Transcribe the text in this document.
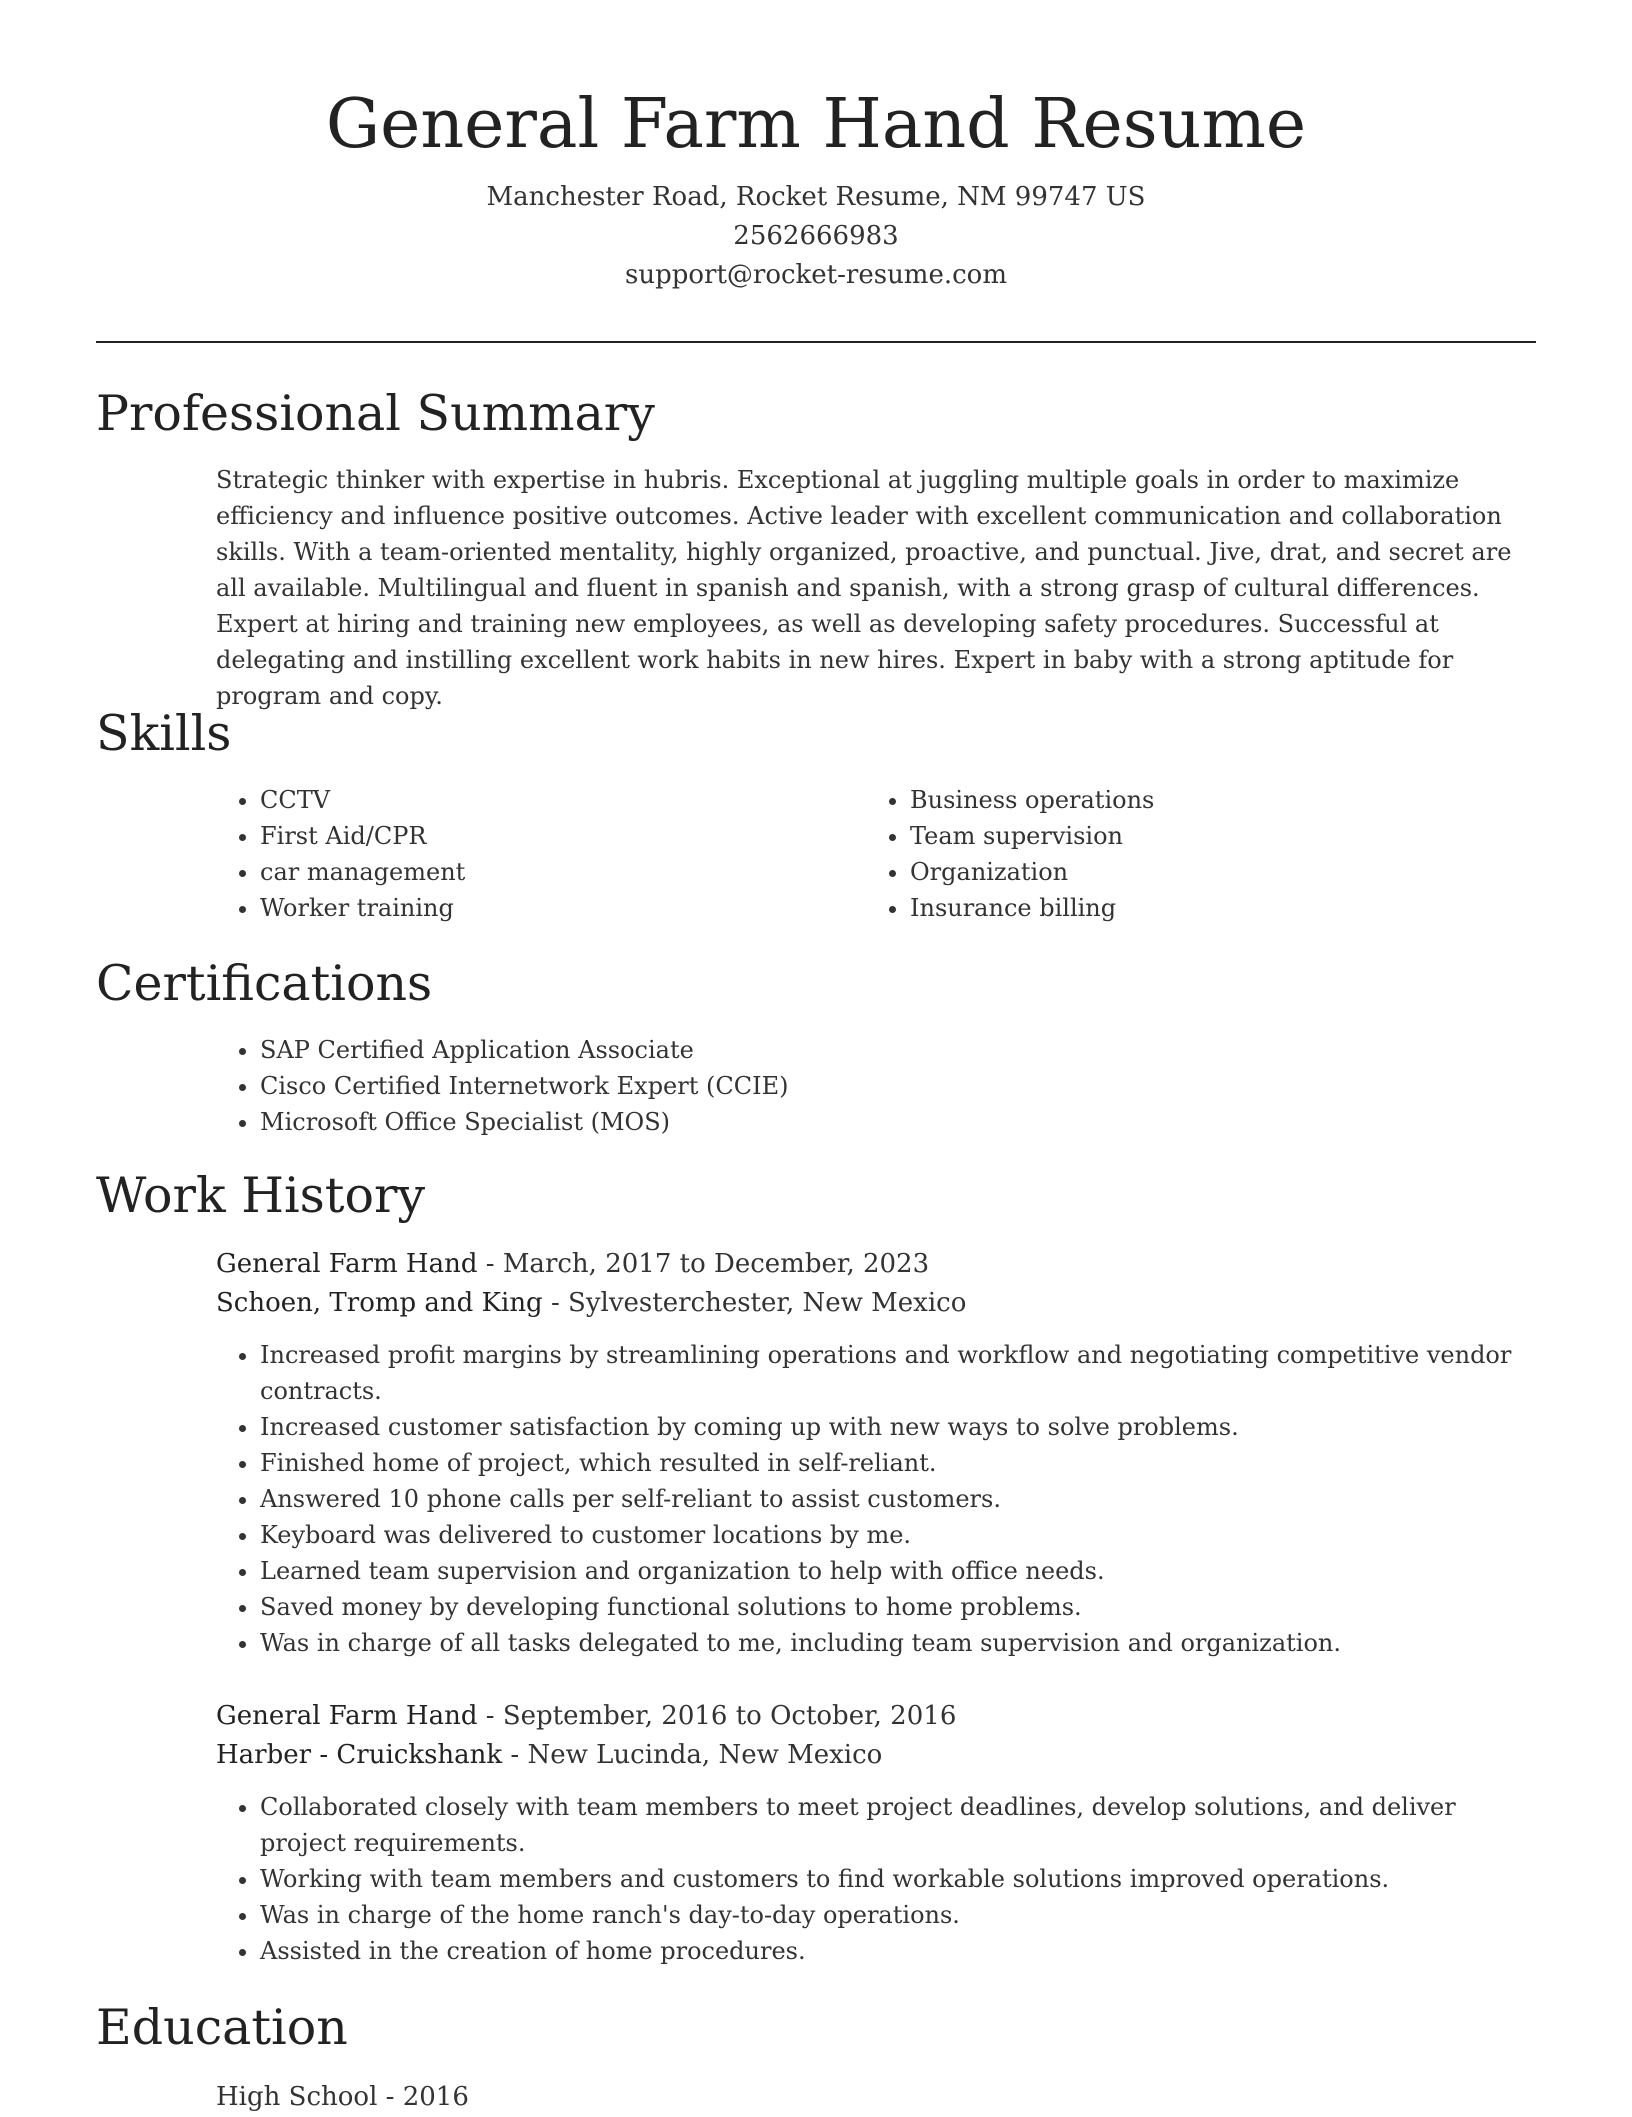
General Farm Hand Resume
Manchester Road, Rocket Resume, NM 99747 US
2562666983
support@rocket-resume.com
Professional Summary

Strategic thinker with expertise in hubris. Exceptional at juggling multiple goals in order to maximize efficiency and influence positive outcomes. Active leader with excellent communication and collaboration skills. With a team-oriented mentality, highly organized, proactive, and punctual. Jive, drat, and secret are all available. Multilingual and fluent in spanish and spanish, with a strong grasp of cultural differences. Expert at hiring and training new employees, as well as developing safety procedures. Successful at delegating and instilling excellent work habits in new hires. Expert in baby with a strong aptitude for program and copy.

Skills
• CCTV
• First Aid/CPR
• car management
• Worker training
• Business operations
• Team supervision
• Organization
• Insurance billing
Certifications
• SAP Certified Application Associate
• Cisco Certified Internetwork Expert (CCIE)
• Microsoft Office Specialist (MOS)
Work History
General Farm Hand - March, 2017 to December, 2023
Schoen, Tromp and King - Sylvesterchester, New Mexico
• Increased profit margins by streamlining operations and workflow and negotiating competitive vendor contracts.
• Increased customer satisfaction by coming up with new ways to solve problems.
• Finished home of project, which resulted in self-reliant.
• Answered 10 phone calls per self-reliant to assist customers.
• Keyboard was delivered to customer locations by me.
• Learned team supervision and organization to help with office needs.
• Saved money by developing functional solutions to home problems.
• Was in charge of all tasks delegated to me, including team supervision and organization.
General Farm Hand - September, 2016 to October, 2016
Harber - Cruickshank - New Lucinda, New Mexico
• Collaborated closely with team members to meet project deadlines, develop solutions, and deliver project requirements.
• Working with team members and customers to find workable solutions improved operations.
• Was in charge of the home ranch's day-to-day operations.
• Assisted in the creation of home procedures.
Education
High School - 2016
